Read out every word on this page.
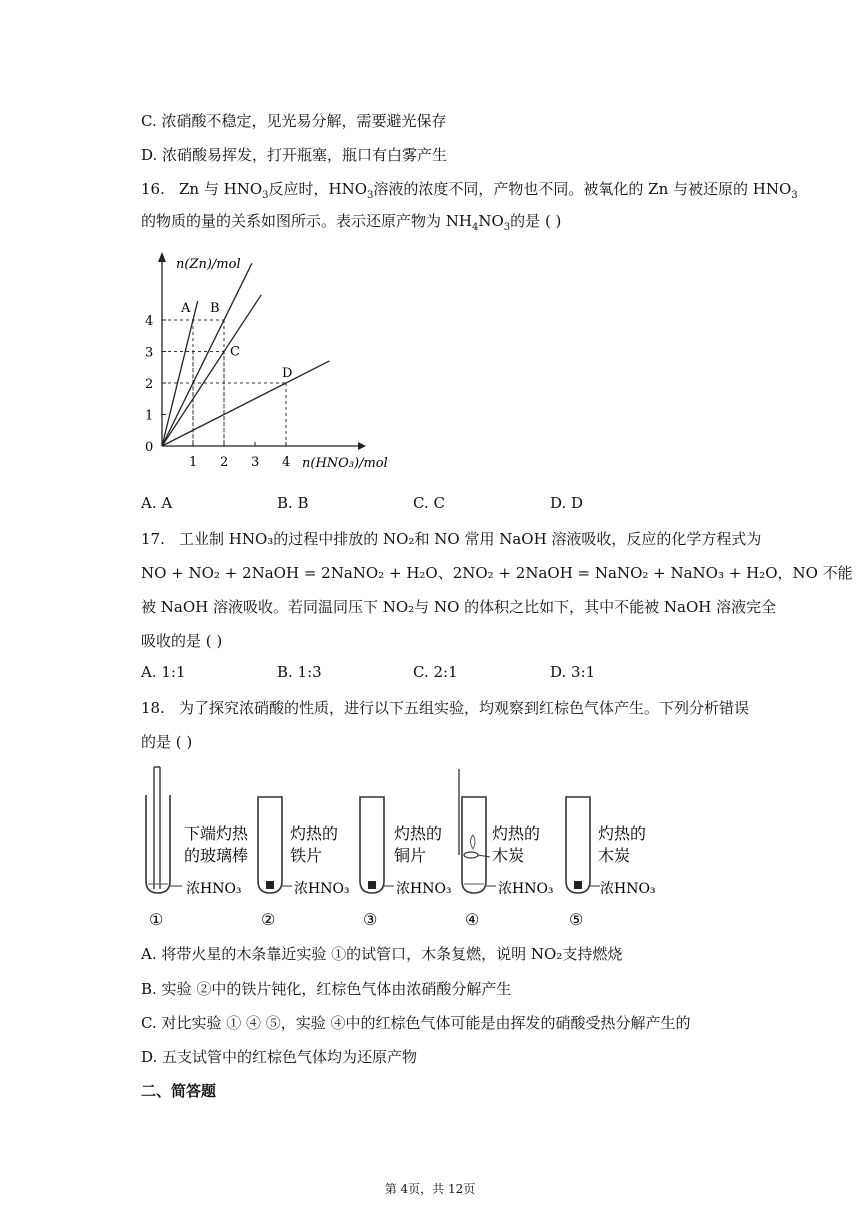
C. 浓硝酸不稳定，见光易分解，需要避光保存
D. 浓硝酸易挥发，打开瓶塞，瓶口有白雾产生
16. Zn 与 $HNO_3$反应时，$HNO_3$溶液的浓度不同，产物也不同。被氧化的 Zn 与被还原的 $HNO_3$
的物质的量的关系如图所示。表示还原产物为 $NH_4NO_3$的是 ( )
n(Zn)/mol
n(HNO₃)/mol
0
1 2 3 4
1
2
3
4
A B
C
D
A. A	B. B	C. C	D. D
17. 工业制 HNO₃的过程中排放的 NO₂和 NO 常用 NaOH 溶液吸收，反应的化学方程式为
NO + NO₂ + 2NaOH = 2NaNO₂ + H₂O、2NO₂ + 2NaOH = NaNO₂ + NaNO₃ + H₂O，NO 不能
被 NaOH 溶液吸收。若同温同压下 NO₂与 NO 的体积之比如下，其中不能被 NaOH 溶液完全
吸收的是 ( )
A. 1:1	B. 1:3	C. 2:1	D. 3:1
18. 为了探究浓硝酸的性质，进行以下五组实验，均观察到红棕色气体产生。下列分析错误
的是 ( )
下端灼热
的玻璃棒
浓HNO₃
①
灼热的
铁片
浓HNO₃
②
灼热的
铜片
浓HNO₃
③
灼热的
木炭
浓HNO₃
④
灼热的
木炭
浓HNO₃
⑤
A. 将带火星的木条靠近实验 ①的试管口，木条复燃，说明 NO₂支持燃烧
B. 实验 ②中的铁片钝化，红棕色气体由浓硝酸分解产生
C. 对比实验 ① ④ ⑤，实验 ④中的红棕色气体可能是由挥发的硝酸受热分解产生的
D. 五支试管中的红棕色气体均为还原产物
二、简答题
第 4页，共 12页
